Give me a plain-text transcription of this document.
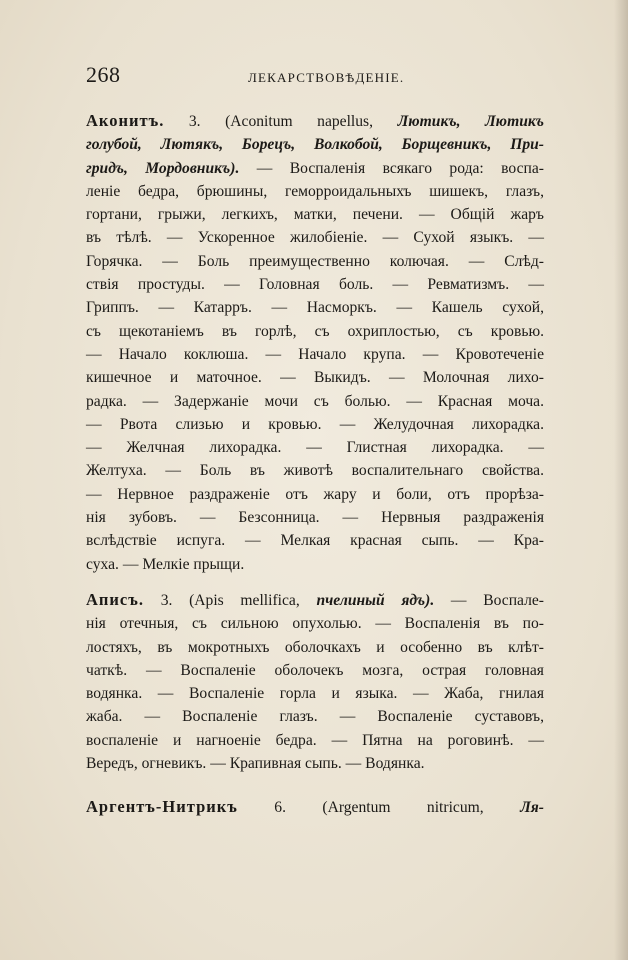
268	ЛЕКАРСТВОВѢДЕНІЕ.
Аконитъ. 3. (Aconitum napellus, Лютикъ, Лютикъ
голубой, Лютякъ, Борецъ, Волкобой, Борщевникъ, При-
гридъ, Мордовникъ). — Воспаленія всякаго рода: воспа-
леніе бедра, брюшины, геморроидальныхъ шишекъ, глазъ,
гортани, грыжи, легкихъ, матки, печени. — Общій жаръ
въ тѣлѣ. — Ускоренное жилобіеніе. — Сухой языкъ. —
Горячка. — Боль преимущественно колючая. — Слѣд-
ствія простуды. — Головная боль. — Ревматизмъ. —
Гриппъ. — Катарръ. — Насморкъ. — Кашель сухой,
съ щекотаніемъ въ горлѣ, съ охриплостью, съ кровью.
— Начало коклюша. — Начало крупа. — Кровотеченіе
кишечное и маточное. — Выкидъ. — Молочная лихо-
радка. — Задержаніе мочи съ болью. — Красная моча.
— Рвота слизью и кровью. — Желудочная лихорадка.
— Желчная лихорадка. — Глистная лихорадка. —
Желтуха. — Боль въ животѣ воспалительнаго свойства.
— Нервное раздраженіе отъ жару и боли, отъ прорѣза-
нія зубовъ. — Безсонница. — Нервныя раздраженія
вслѣдствіе испуга. — Мелкая красная сыпь. — Кра-
суха. — Мелкіе прыщи.
Аписъ. 3. (Apis mellifica, пчелиный ядъ). — Воспале-
нія отечныя, съ сильною опухолью. — Воспаленія въ по-
лостяхъ, въ мокротныхъ оболочкахъ и особенно въ клѣт-
чаткѣ. — Воспаленіе оболочекъ мозга, острая головная
водянка. — Воспаленіе горла и языка. — Жаба, гнилая
жаба. — Воспаленіе глазъ. — Воспаленіе суставовъ,
воспаленіе и нагноеніе бедра. — Пятна на роговинѣ. —
Вередъ, огневикъ. — Крапивная сыпь. — Водянка.
Аргентъ-Нитрикъ 6. (Argentum nitricum, Ля-
